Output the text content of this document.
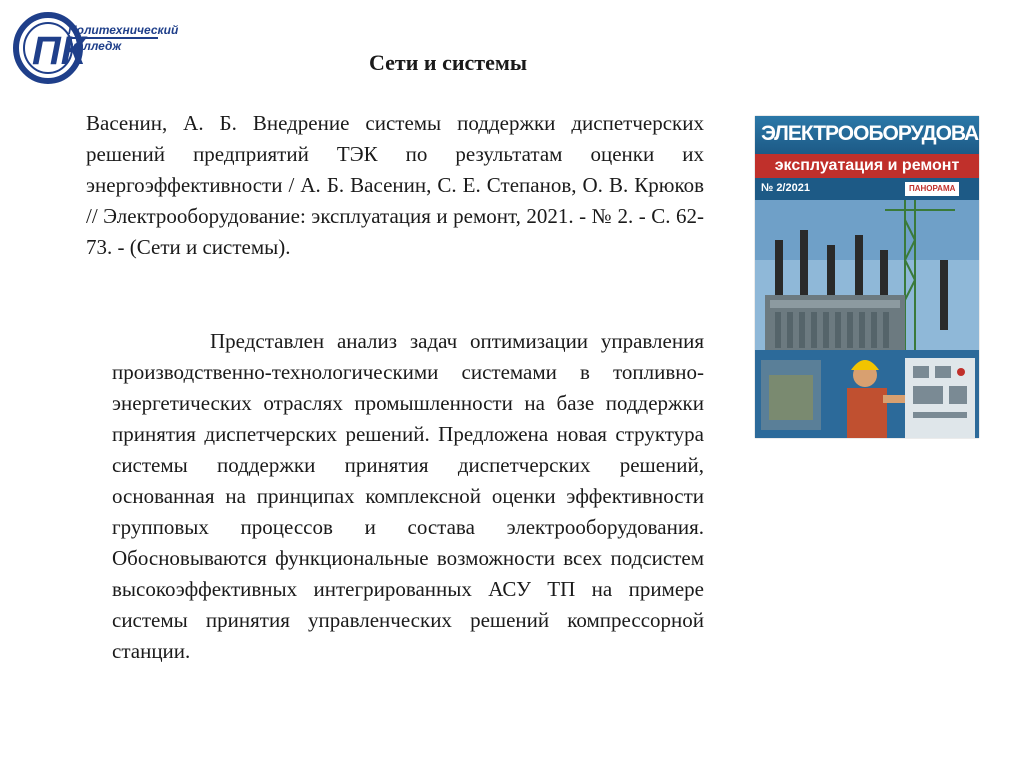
ПК
Политехнический
колледж
Сети и системы

Васенин, А. Б. Внедрение системы поддержки диспетчерских решений предприятий ТЭК по результатам оценки их энергоэффективности / А. Б. Васенин, С. Е. Степанов, О. В. Крюков // Электрооборудование: эксплуатация и ремонт, 2021. - № 2. - С. 62-73. - (Сети и системы).

Представлен анализ задач оптимизации управления производственно-технологическими системами в топливно-энергетических отраслях промышленности на базе поддержки принятия диспетчерских решений. Предложена новая структура системы поддержки принятия диспетчерских решений, основанная на принципах комплексной оценки эффективности групповых процессов и состава электрооборудования. Обосновываются функциональные возможности всех подсистем высокоэффективных интегрированных АСУ ТП на примере системы принятия управленческих решений компрессорной станции.

ЭЛЕКТРООБОРУДОВАНИЕ
эксплуатация и ремонт
№ 2/2021	ПАНОРАМА
